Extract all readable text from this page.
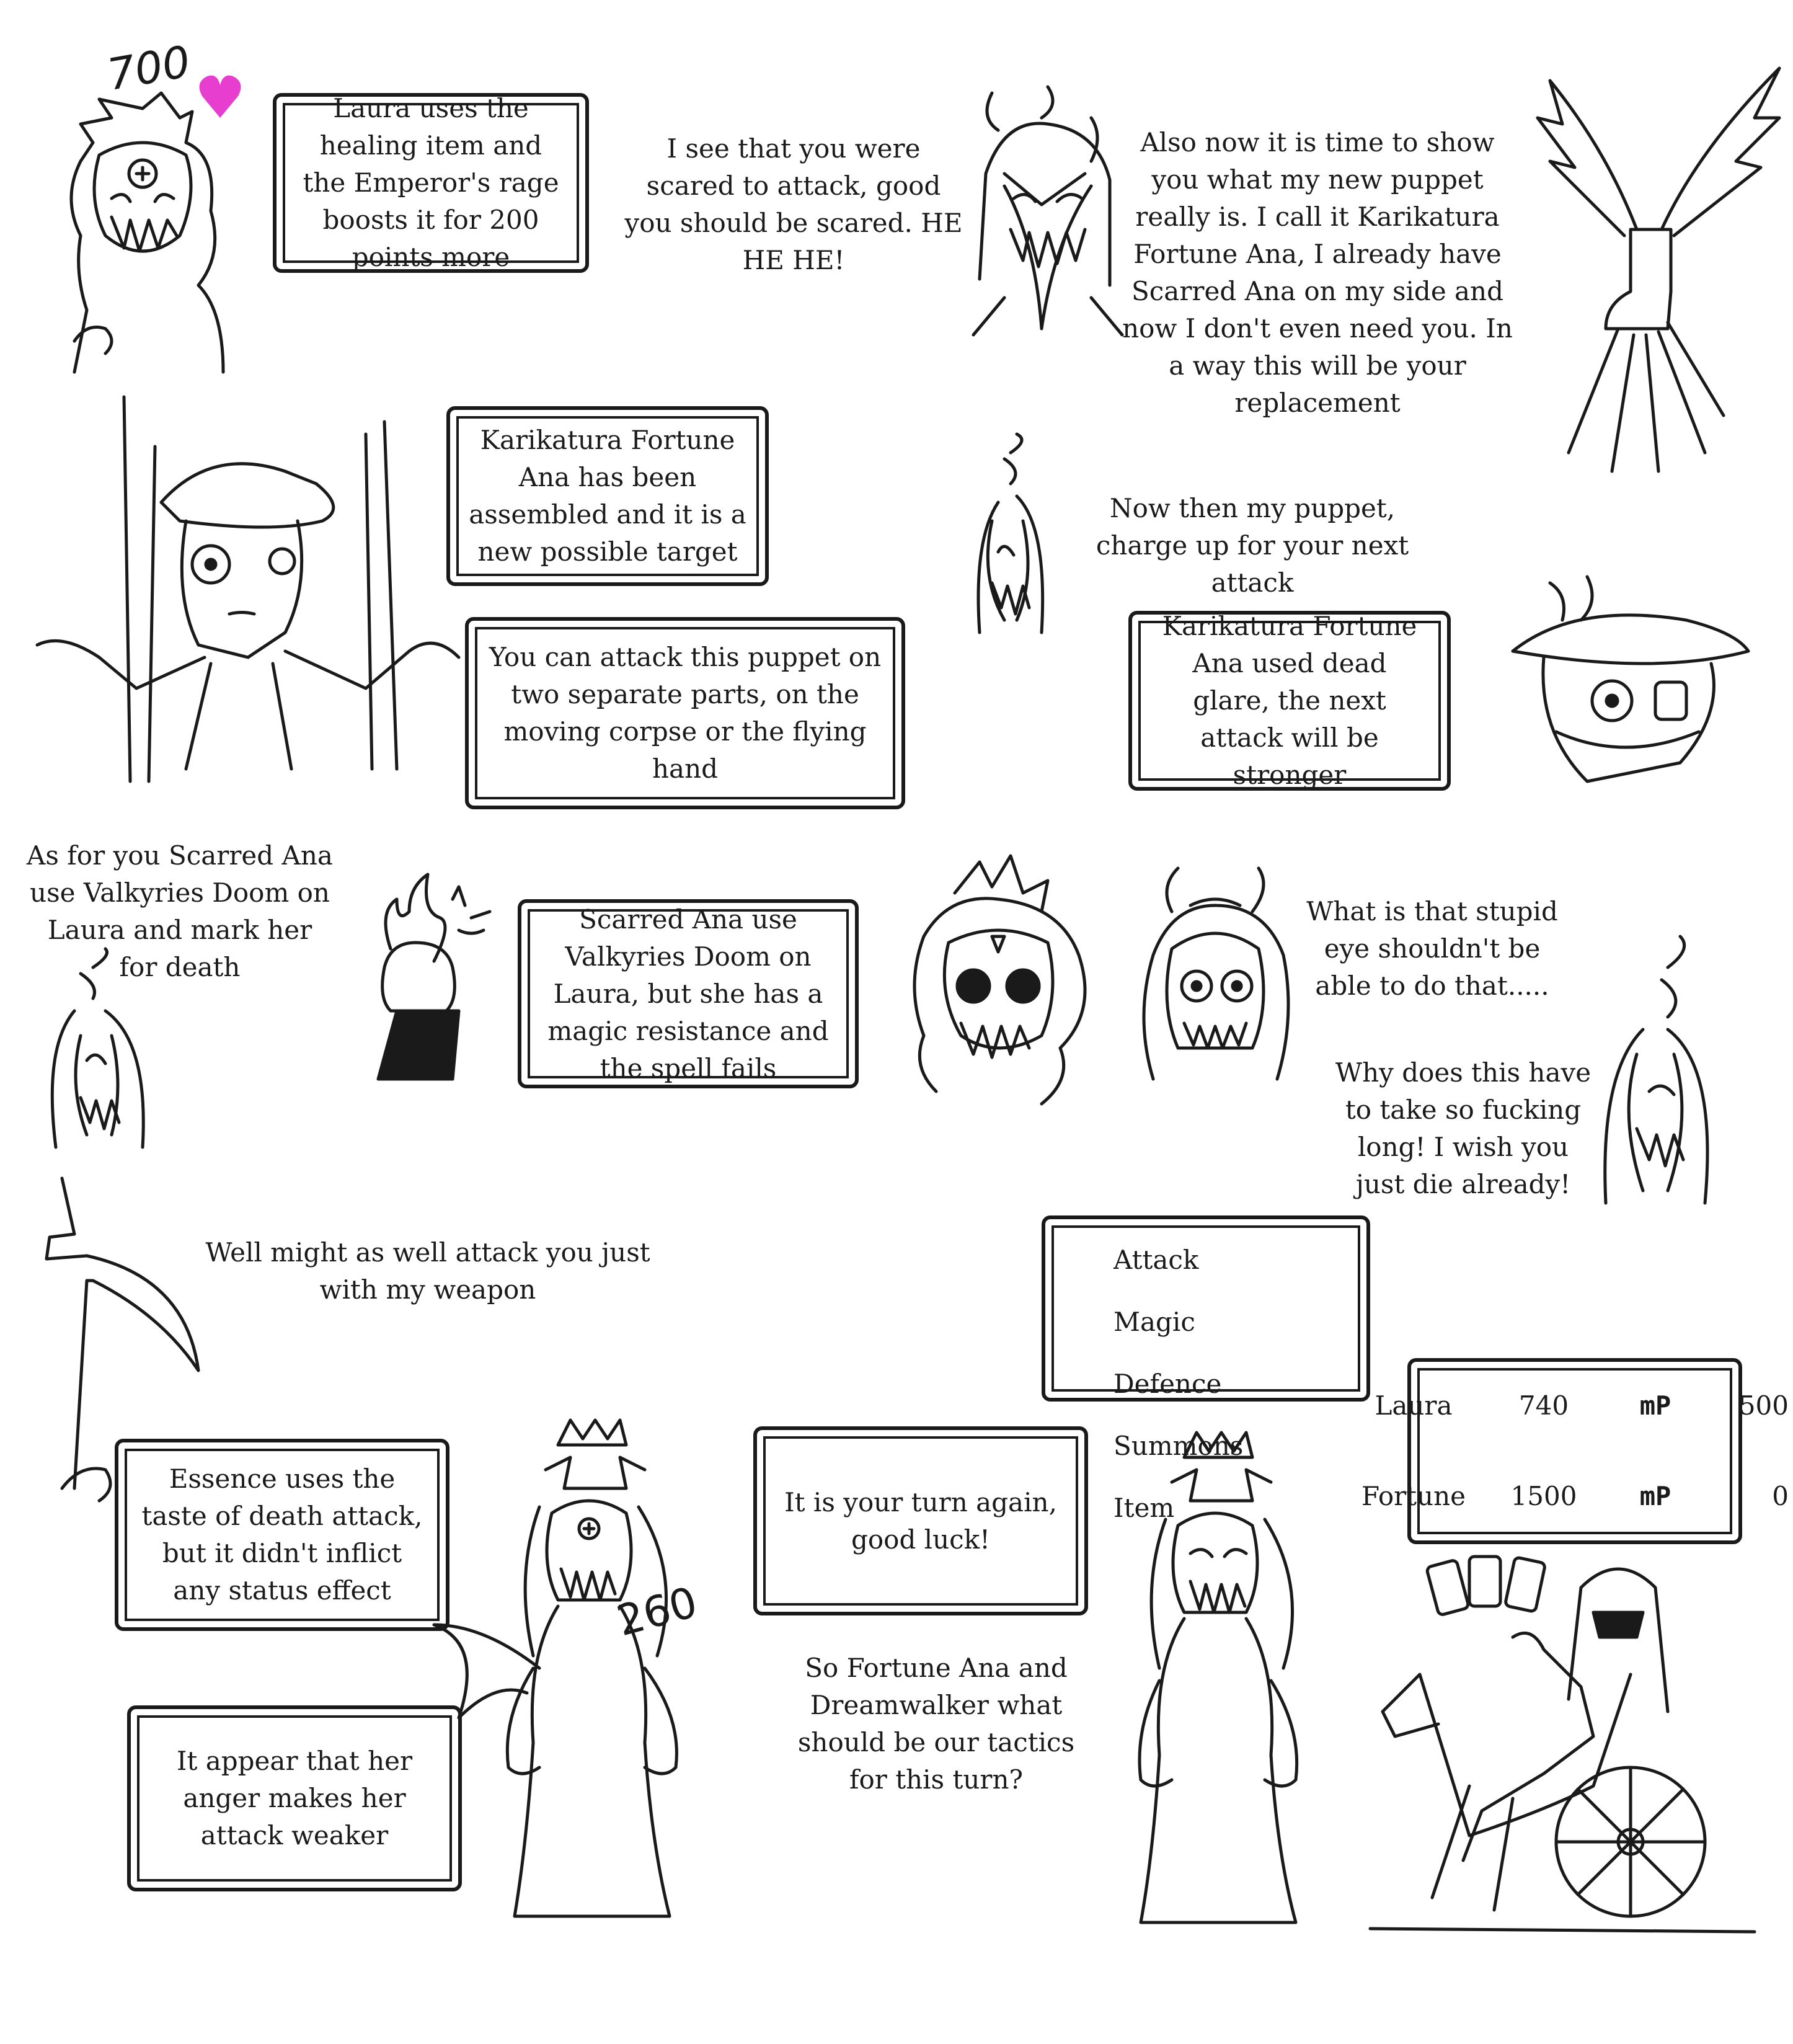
700
Laura uses the healing item and the Emperor's rage boosts it for 200 points more
I see that you were scared to attack, good you should be scared. HE HE HE!
Also now it is time to show you what my new puppet really is. I call it Karikatura Fortune Ana, I already have Scarred Ana on my side and now I don't even need you. In a way this will be your replacement
Karikatura Fortune Ana has been assembled and it is a new possible target
You can attack this puppet on two separate parts, on the moving corpse or the flying hand
Now then my puppet, charge up for your next attack
Karikatura Fortune Ana used dead glare, the next attack will be stronger
As for you Scarred Ana use Valkyries Doom on Laura and mark her for death
Scarred Ana use Valkyries Doom on Laura, but she has a magic resistance and the spell fails
What is that stupid eye shouldn't be able to do that.....
Why does this have to take so fucking long! I wish you just die already!
Well might as well attack you just with my weapon
Essence uses the taste of death attack, but it didn't inflict any status effect
It appear that her anger makes her attack weaker
260
It is your turn again, good luck!
So Fortune Ana and Dreamwalker what should be our tactics for this turn?
Attack
Magic
Defence
Summons
Item
Laura	740	mP	500
Fortune	1500	mP	0
